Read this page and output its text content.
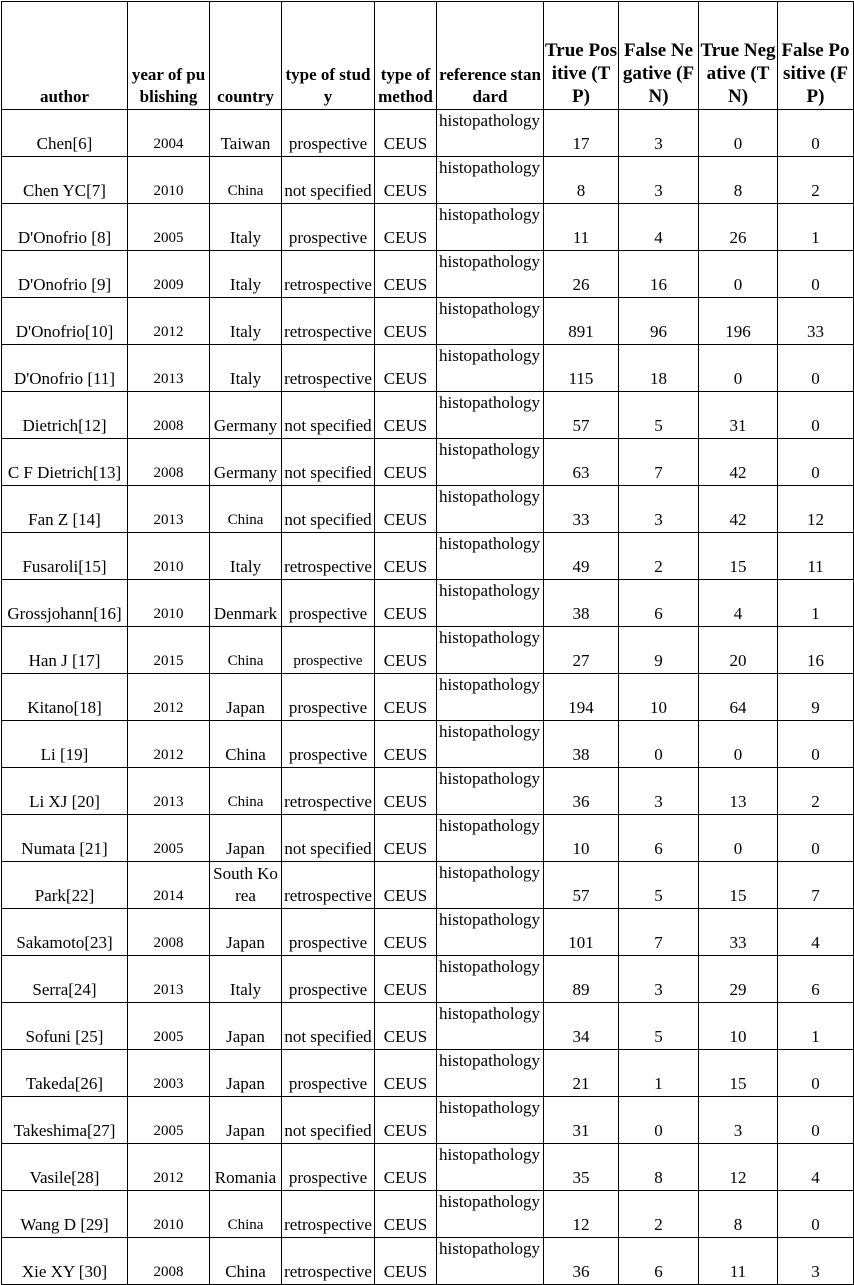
author	year of publishing	country	type of study	type of method	reference standard	True Positive (TP)	False Negative (FN)	True Negative (TN)	False Positive (FP)
Chen[6]	2004	Taiwan	prospective	CEUS	histopathology	17	3	0	0
Chen YC[7]	2010	China	not specified	CEUS	histopathology	8	3	8	2
D'Onofrio [8]	2005	Italy	prospective	CEUS	histopathology	11	4	26	1
D'Onofrio [9]	2009	Italy	retrospective	CEUS	histopathology	26	16	0	0
D'Onofrio[10]	2012	Italy	retrospective	CEUS	histopathology	891	96	196	33
D'Onofrio [11]	2013	Italy	retrospective	CEUS	histopathology	115	18	0	0
Dietrich[12]	2008	Germany	not specified	CEUS	histopathology	57	5	31	0
C F Dietrich[13]	2008	Germany	not specified	CEUS	histopathology	63	7	42	0
Fan Z [14]	2013	China	not specified	CEUS	histopathology	33	3	42	12
Fusaroli[15]	2010	Italy	retrospective	CEUS	histopathology	49	2	15	11
Grossjohann[16]	2010	Denmark	prospective	CEUS	histopathology	38	6	4	1
Han J [17]	2015	China	prospective	CEUS	histopathology	27	9	20	16
Kitano[18]	2012	Japan	prospective	CEUS	histopathology	194	10	64	9
Li [19]	2012	China	prospective	CEUS	histopathology	38	0	0	0
Li XJ [20]	2013	China	retrospective	CEUS	histopathology	36	3	13	2
Numata [21]	2005	Japan	not specified	CEUS	histopathology	10	6	0	0
Park[22]	2014	South Korea	retrospective	CEUS	histopathology	57	5	15	7
Sakamoto[23]	2008	Japan	prospective	CEUS	histopathology	101	7	33	4
Serra[24]	2013	Italy	prospective	CEUS	histopathology	89	3	29	6
Sofuni [25]	2005	Japan	not specified	CEUS	histopathology	34	5	10	1
Takeda[26]	2003	Japan	prospective	CEUS	histopathology	21	1	15	0
Takeshima[27]	2005	Japan	not specified	CEUS	histopathology	31	0	3	0
Vasile[28]	2012	Romania	prospective	CEUS	histopathology	35	8	12	4
Wang D [29]	2010	China	retrospective	CEUS	histopathology	12	2	8	0
Xie XY [30]	2008	China	retrospective	CEUS	histopathology	36	6	11	3
